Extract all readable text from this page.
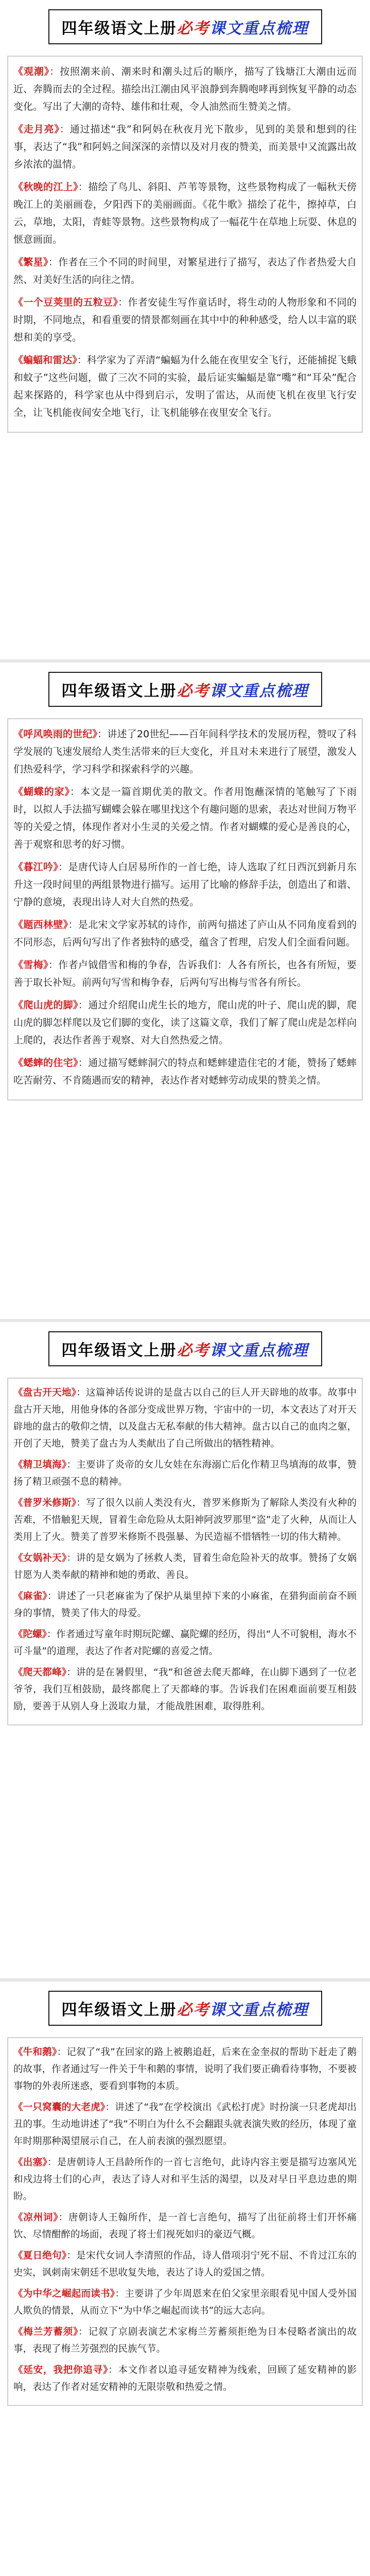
四年级语文上册必考课文重点梳理

《观潮》：按照潮来前、潮来时和潮头过后的顺序，描写了钱塘江大潮由远而近、奔腾而去的全过程。描绘出江潮由风平浪静到奔腾咆哮再到恢复平静的动态变化。写出了大潮的奇特、雄伟和壮观，令人油然而生赞美之情。

《走月亮》：通过描述“我”和阿妈在秋夜月光下散步，见到的美景和想到的往事，表达了“我”和阿妈之间深深的亲情以及对月夜的赞美，而美景中又流露出故乡浓浓的温情。

《秋晚的江上》：描绘了鸟儿、斜阳、芦苇等景物，这些景物构成了一幅秋天傍晚江上的美丽画卷，夕阳西下的美丽画面。《花牛歌》描绘了花牛，擦掉草，白云，草地，太阳，青蛙等景物。这些景物构成了一幅花牛在草地上玩耍、休息的惬意画面。

《繁星》：作者在三个不同的时间里，对繁星进行了描写，表达了作者热爱大自然、对美好生活的向往之情。

《一个豆荚里的五粒豆》：作者安徒生写作童话时，将生动的人物形象和不同的时期，不同地点，和看重要的情景都刻画在其中中的种种感受，给人以丰富的联想和美的享受。

《蝙蝠和雷达》：科学家为了弄清“蝙蝠为什么能在夜里安全飞行，还能捕捉飞蛾和蚊子”这些问题，做了三次不同的实验，最后证实蝙蝠是靠“嘴”和“耳朵”配合起来探路的，科学家也从中得到启示，发明了雷达，从而使飞机在夜里飞行安全，让飞机能夜间安全地飞行，让飞机能够在夜里安全飞行。

四年级语文上册必考课文重点梳理

《呼风唤雨的世纪》：讲述了20世纪——百年间科学技术的发展历程，赞叹了科学发展的飞速发展给人类生活带来的巨大变化，并且对未来进行了展望，激发人们热爱科学，学习科学和探索科学的兴趣。

《蝴蝶的家》：本文是一篇首期优美的散文。作者用饱蘸深情的笔触写了下雨时，以拟人手法描写蝴蝶会躲在哪里找这个有趣问题的思索，表达对世间万物平等的关爱之情，体现作者对小生灵的关爱之情。作者对蝴蝶的爱心是善良的心，善于观察和思考的好习惯。

《暮江吟》：是唐代诗人白居易所作的一首七绝，诗人选取了红日西沉到新月东升这一段时间里的两组景物进行描写。运用了比喻的修辞手法，创造出了和谐、宁静的意境，表现出诗人对大自然的热爱。

《题西林壁》：是北宋文学家苏轼的诗作，前两句描述了庐山从不同角度看到的不同形态，后两句写出了作者独特的感受，蕴含了哲理，启发人们全面看问题。

《雪梅》：作者卢钺借雪和梅的争春，告诉我们：人各有所长，也各有所短，要善于取长补短。前两句写雪和梅争春，后两句写出梅与雪各有所长。

《爬山虎的脚》：通过介绍爬山虎生长的地方，爬山虎的叶子、爬山虎的脚，爬山虎的脚怎样爬以及它们脚的变化，读了这篇文章，我们了解了爬山虎是怎样向上爬的，表达作者善于观察、对大自然热爱之情。

《蟋蟀的住宅》：通过描写蟋蟀洞穴的特点和蟋蟀建造住宅的才能，赞扬了蟋蟀吃苦耐劳、不肯随遇而安的精神，表达作者对蟋蟀劳动成果的赞美之情。

四年级语文上册必考课文重点梳理

《盘古开天地》：这篇神话传说讲的是盘古以自己的巨人开天辟地的故事。故事中盘古开天地，用他身体的各部分变成世界万物，宇宙中的一切，本文表达了对开天辟地的盘古的敬仰之情，以及盘古无私奉献的伟大精神。盘古以自己的血肉之躯，开创了天地，赞美了盘古为人类献出了自己所做出的牺牲精神。

《精卫填海》：主要讲了炎帝的女儿女娃在东海溺亡后化作精卫鸟填海的故事，赞扬了精卫顽强不息的精神。

《普罗米修斯》：写了很久以前人类没有火，普罗米修斯为了解除人类没有火种的苦难，不惜触犯天规，冒着生命危险从太阳神阿波罗那里“盗”走了火种，从而让人类用上了火。赞美了普罗米修斯不畏强暴、为民造福不惜牺牲一切的伟大精神。

《女娲补天》：讲的是女娲为了拯救人类，冒着生命危险补天的故事。赞扬了女娲甘愿为人类奉献的精神和她的勇敢、善良。

《麻雀》：讲述了一只老麻雀为了保护从巢里掉下来的小麻雀，在猎狗面前奋不顾身的事情，赞美了伟大的母爱。

《陀螺》：作者通过写童年时期玩陀螺、赢陀螺的经历，得出“人不可貌相，海水不可斗量”的道理，表达了作者对陀螺的喜爱之情。

《爬天都峰》：讲的是在暑假里，“我”和爸爸去爬天都峰，在山脚下遇到了一位老爷爷，我们互相鼓励，最终都爬上了天都峰的事。告诉我们在困难面前要互相鼓励，要善于从别人身上汲取力量，才能战胜困难，取得胜利。

四年级语文上册必考课文重点梳理

《牛和鹅》：记叙了“我”在回家的路上被鹅追赶，后来在金奎叔的帮助下赶走了鹅的故事，作者通过写一件关于牛和鹅的事情，说明了我们要正确看待事物，不要被事物的外表所迷惑，要看到事物的本质。

《一只窝囊的大老虎》：讲述了“我”在学校演出《武松打虎》时扮演一只老虎却出丑的事。生动地讲述了“我”不明白为什么不会翻跟头就表演失败的经历，体现了童年时期那种渴望展示自己，在人前表演的强烈愿望。

《出塞》：是唐朝诗人王昌龄所作的一首七言绝句，此诗内容主要是描写边塞风光和戍边将士们的心声，表达了诗人对和平生活的渴望，以及对早日平息边患的期盼。

《凉州词》：唐朝诗人王翰所作，是一首七言绝句，描写了出征前将士们开怀痛饮、尽情酣醉的场面，表现了将士们视死如归的豪迈气概。

《夏日绝句》：是宋代女词人李清照的作品，诗人借项羽宁死不屈、不肯过江东的史实，讽刺南宋朝廷不思收复失地，表达了诗人的爱国之情。

《为中华之崛起而读书》：主要讲了少年周恩来在伯父家里亲眼看见中国人受外国人欺负的情景，从而立下“为中华之崛起而读书”的远大志向。

《梅兰芳蓄须》：记叙了京剧表演艺术家梅兰芳蓄须拒绝为日本侵略者演出的故事，表现了梅兰芳强烈的民族气节。

《延安，我把你追寻》：本文作者以追寻延安精神为线索，回顾了延安精神的影响，表达了作者对延安精神的无限崇敬和热爱之情。
